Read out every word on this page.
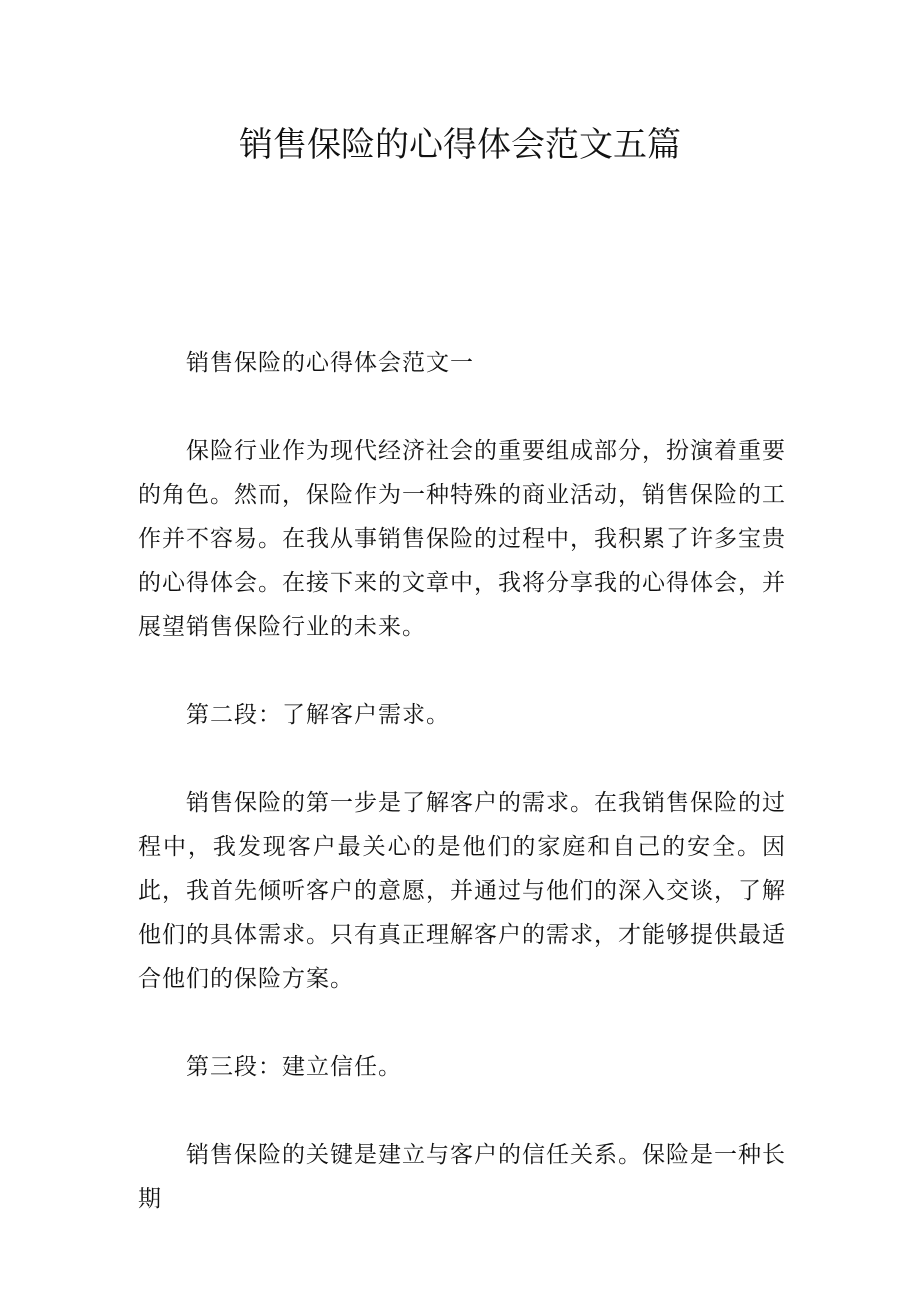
销售保险的心得体会范文五篇

销售保险的心得体会范文一

保险行业作为现代经济社会的重要组成部分，扮演着重要的角色。然而，保险作为一种特殊的商业活动，销售保险的工作并不容易。在我从事销售保险的过程中，我积累了许多宝贵的心得体会。在接下来的文章中，我将分享我的心得体会，并展望销售保险行业的未来。

第二段：了解客户需求。

销售保险的第一步是了解客户的需求。在我销售保险的过程中，我发现客户最关心的是他们的家庭和自己的安全。因此，我首先倾听客户的意愿，并通过与他们的深入交谈，了解他们的具体需求。只有真正理解客户的需求，才能够提供最适合他们的保险方案。

第三段：建立信任。

销售保险的关键是建立与客户的信任关系。保险是一种长期
